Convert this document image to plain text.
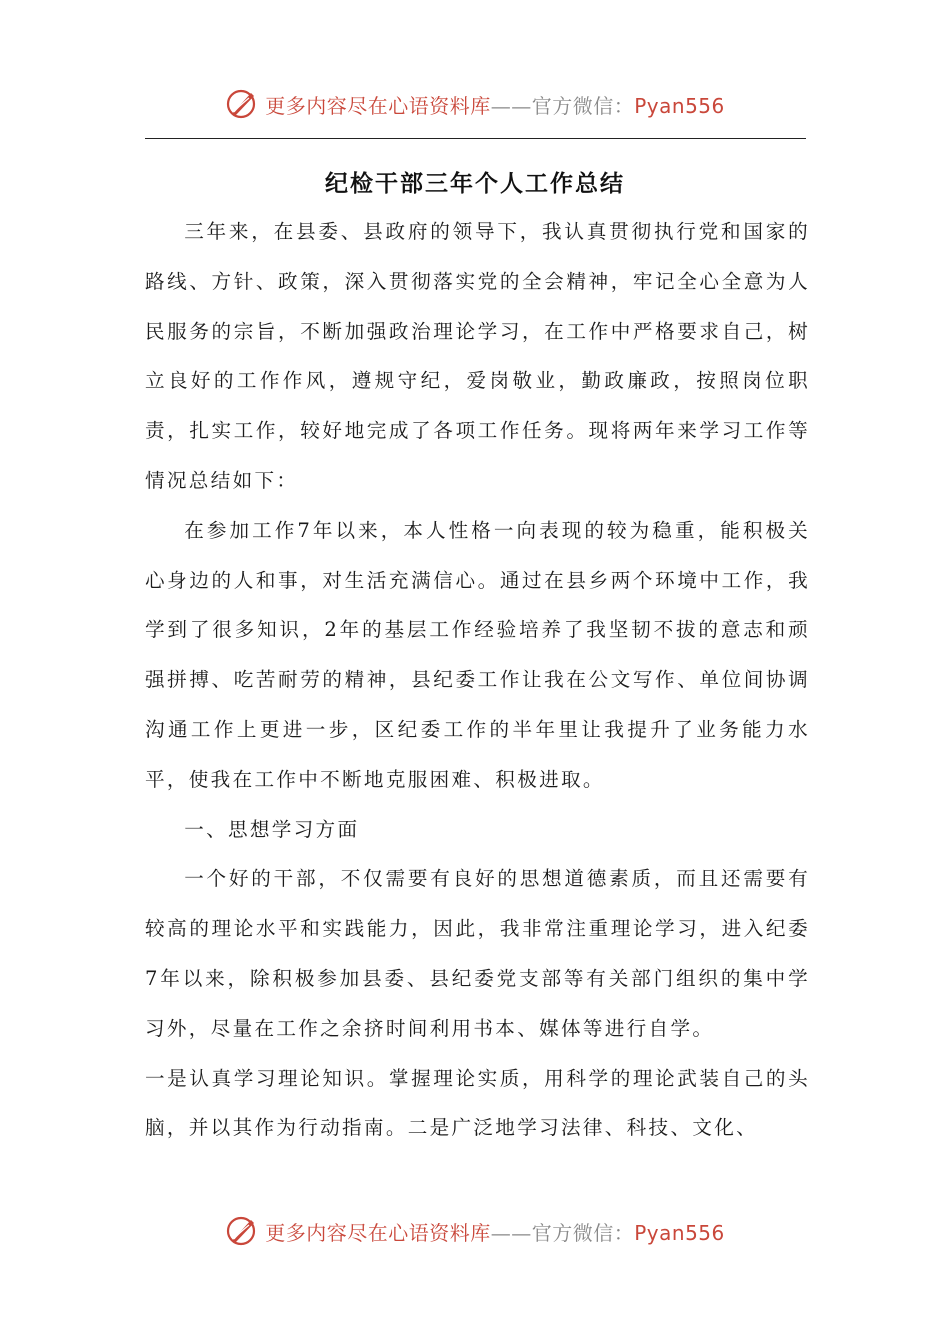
更多内容尽在心语资料库——官方微信：Pyan556
纪检干部三年个人工作总结

三年来，在县委、县政府的领导下，我认真贯彻执行党和国家的路线、方针、政策，深入贯彻落实党的全会精神，牢记全心全意为人民服务的宗旨，不断加强政治理论学习，在工作中严格要求自己，树立良好的工作作风，遵规守纪，爱岗敬业，勤政廉政，按照岗位职责，扎实工作，较好地完成了各项工作任务。现将两年来学习工作等情况总结如下：

在参加工作7年以来，本人性格一向表现的较为稳重，能积极关心身边的人和事，对生活充满信心。通过在县乡两个环境中工作，我学到了很多知识，2年的基层工作经验培养了我坚韧不拔的意志和顽强拼搏、吃苦耐劳的精神，县纪委工作让我在公文写作、单位间协调沟通工作上更进一步，区纪委工作的半年里让我提升了业务能力水平，使我在工作中不断地克服困难、积极进取。

一、思想学习方面

一个好的干部，不仅需要有良好的思想道德素质，而且还需要有较高的理论水平和实践能力，因此，我非常注重理论学习，进入纪委7年以来，除积极参加县委、县纪委党支部等有关部门组织的集中学习外，尽量在工作之余挤时间利用书本、媒体等进行自学。

一是认真学习理论知识。掌握理论实质，用科学的理论武装自己的头脑，并以其作为行动指南。二是广泛地学习法律、科技、文化、

更多内容尽在心语资料库——官方微信：Pyan556
